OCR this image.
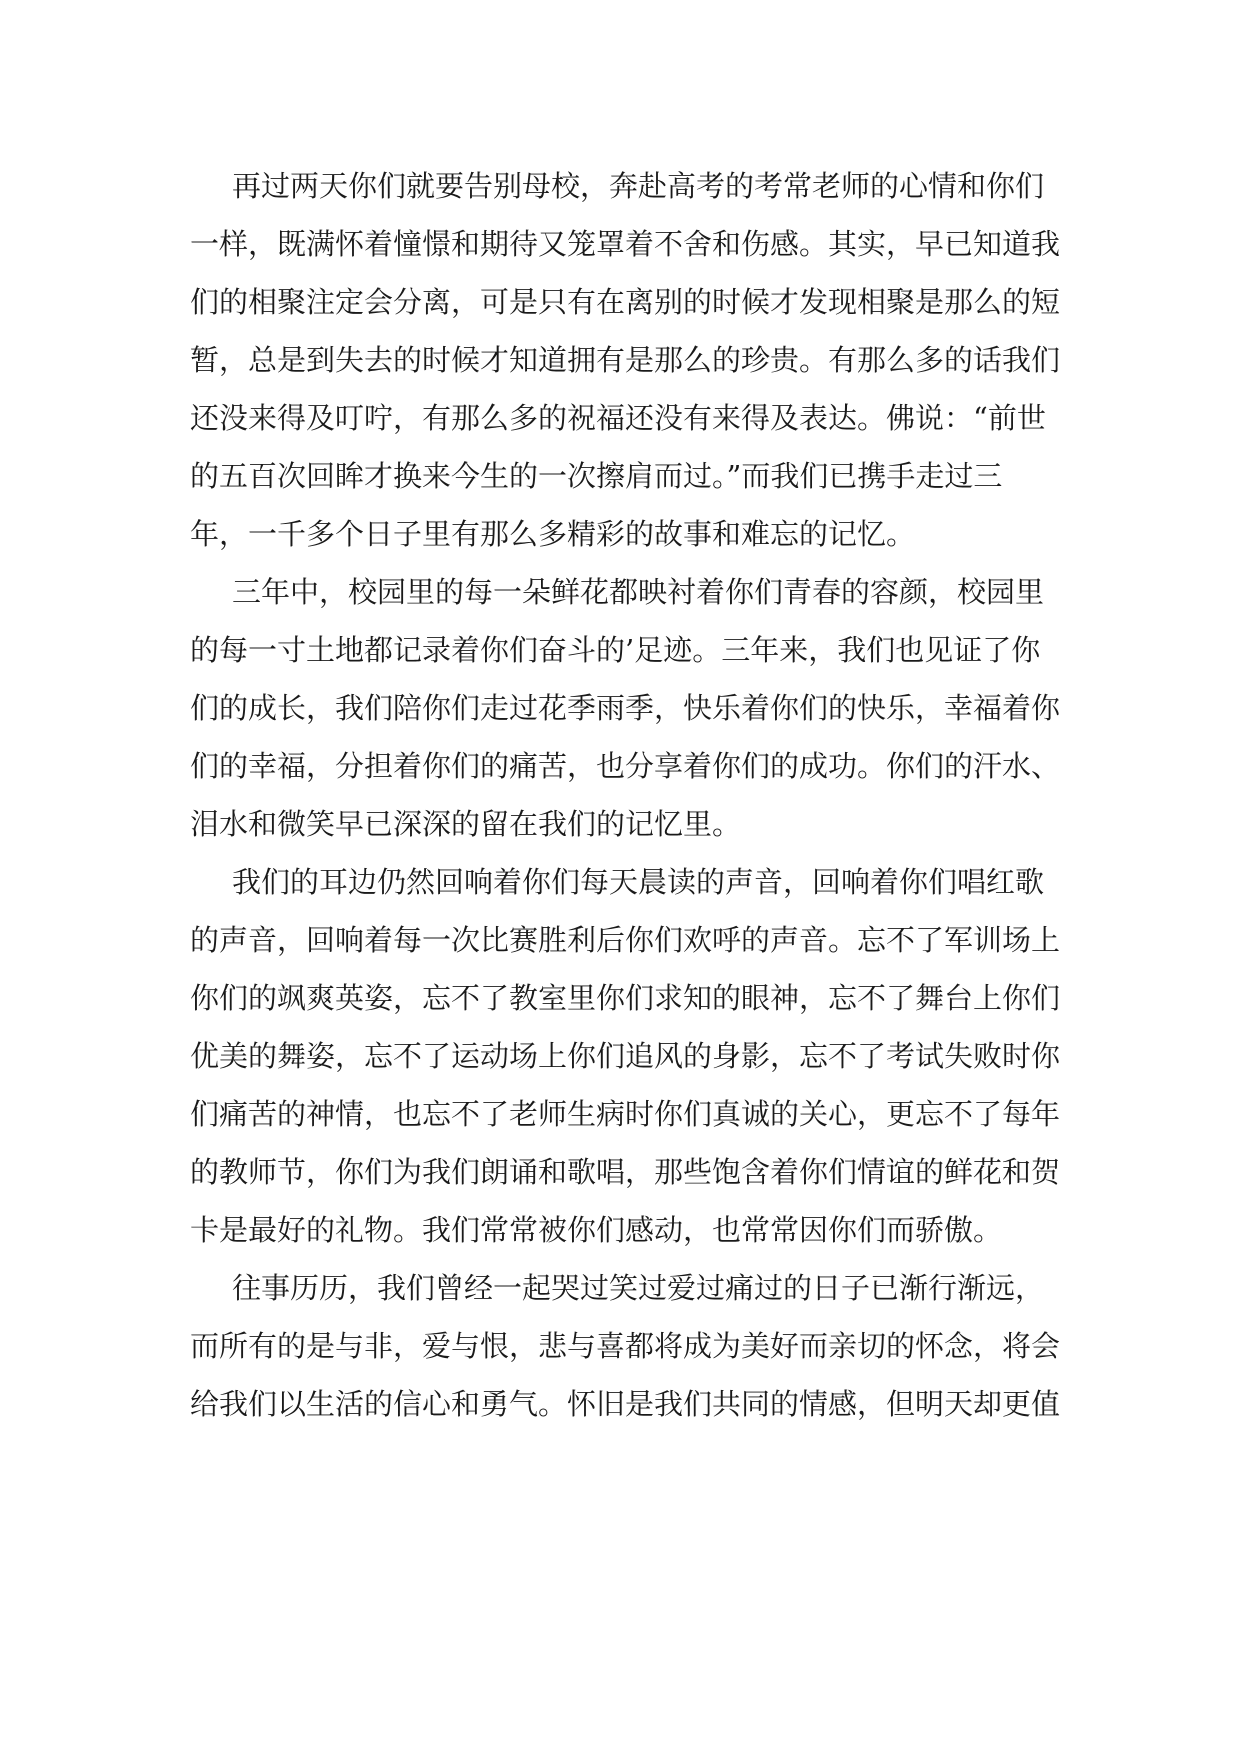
再过两天你们就要告别母校，奔赴高考的考常老师的心情和你们
一样，既满怀着憧憬和期待又笼罩着不舍和伤感。其实，早已知道我
们的相聚注定会分离，可是只有在离别的时候才发现相聚是那么的短
暂，总是到失去的时候才知道拥有是那么的珍贵。有那么多的话我们
还没来得及叮咛，有那么多的祝福还没有来得及表达。佛说：“前世
的五百次回眸才换来今生的一次擦肩而过。”而我们已携手走过三
年，一千多个日子里有那么多精彩的故事和难忘的记忆。
三年中，校园里的每一朵鲜花都映衬着你们青春的容颜，校园里
的每一寸土地都记录着你们奋斗的’足迹。三年来，我们也见证了你
们的成长，我们陪你们走过花季雨季，快乐着你们的快乐，幸福着你
们的幸福，分担着你们的痛苦，也分享着你们的成功。你们的汗水、
泪水和微笑早已深深的留在我们的记忆里。
我们的耳边仍然回响着你们每天晨读的声音，回响着你们唱红歌
的声音，回响着每一次比赛胜利后你们欢呼的声音。忘不了军训场上
你们的飒爽英姿，忘不了教室里你们求知的眼神，忘不了舞台上你们
优美的舞姿，忘不了运动场上你们追风的身影，忘不了考试失败时你
们痛苦的神情，也忘不了老师生病时你们真诚的关心，更忘不了每年
的教师节，你们为我们朗诵和歌唱，那些饱含着你们情谊的鲜花和贺
卡是最好的礼物。我们常常被你们感动，也常常因你们而骄傲。
往事历历，我们曾经一起哭过笑过爱过痛过的日子已渐行渐远，
而所有的是与非，爱与恨，悲与喜都将成为美好而亲切的怀念，将会
给我们以生活的信心和勇气。怀旧是我们共同的情感，但明天却更值
